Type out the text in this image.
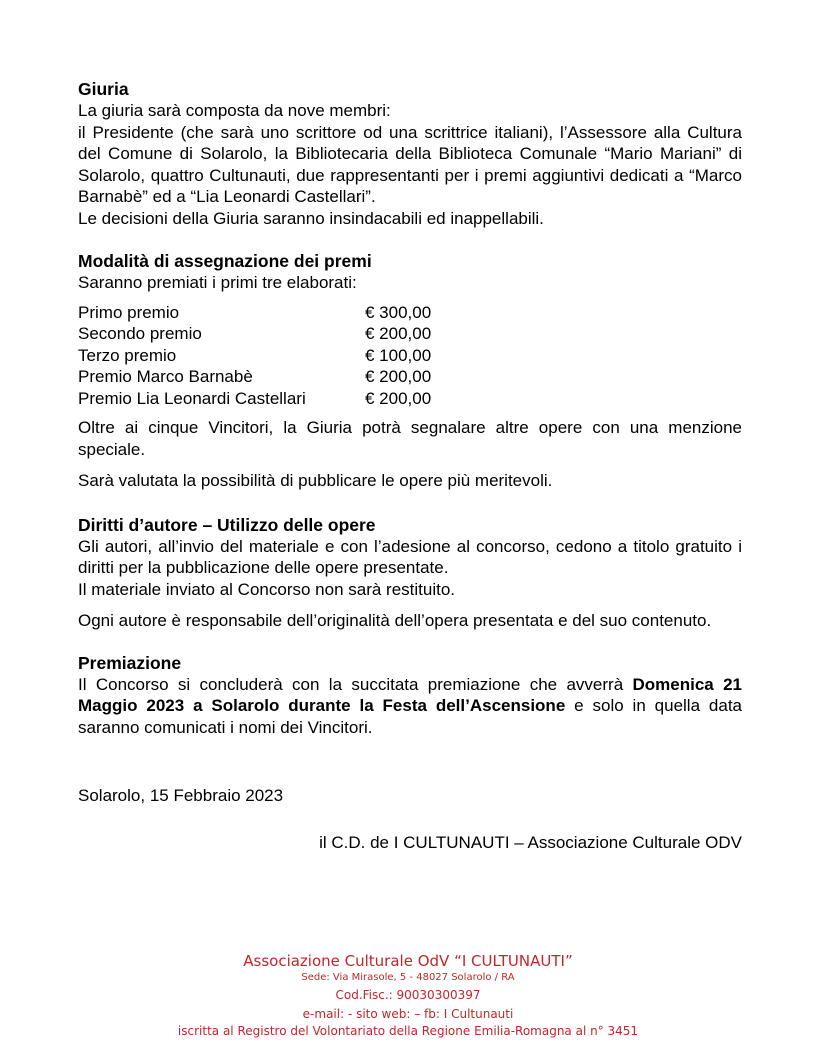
Giuria

La giuria sarà composta da nove membri:

il Presidente (che sarà uno scrittore od una scrittrice italiani), l’Assessore alla Cultura del Comune di Solarolo, la Bibliotecaria della Biblioteca Comunale “Mario Mariani” di Solarolo, quattro Cultunauti, due rappresentanti per i premi aggiuntivi dedicati a “Marco Barnabè” ed a “Lia Leonardi Castellari”.

Le decisioni della Giuria saranno insindacabili ed inappellabili.

Modalità di assegnazione dei premi

Saranno premiati i primi tre elaborati:

Primo premio	€ 300,00
Secondo premio	€ 200,00
Terzo premio	€ 100,00
Premio Marco Barnabè	€ 200,00
Premio Lia Leonardi Castellari	€ 200,00

Oltre ai cinque Vincitori, la Giuria potrà segnalare altre opere con una menzione speciale.

Sarà valutata la possibilità di pubblicare le opere più meritevoli.

Diritti d’autore – Utilizzo delle opere

Gli autori, all’invio del materiale e con l’adesione al concorso, cedono a titolo gratuito i diritti per la pubblicazione delle opere presentate.

Il materiale inviato al Concorso non sarà restituito.

Ogni autore è responsabile dell’originalità dell’opera presentata e del suo contenuto.

Premiazione

Il Concorso si concluderà con la succitata premiazione che avverrà Domenica 21 Maggio 2023 a Solarolo durante la Festa dell’Ascensione e solo in quella data saranno comunicati i nomi dei Vincitori.

Solarolo, 15 Febbraio 2023

il C.D. de I CULTUNAUTI – Associazione Culturale ODV

Associazione Culturale OdV “I CULTUNAUTI”
Sede: Via Mirasole, 5 - 48027 Solarolo / RA
Cod.Fisc.: 90030300397
e-mail: - sito web: – fb: I Cultunauti
iscritta al Registro del Volontariato della Regione Emilia-Romagna al n° 3451
